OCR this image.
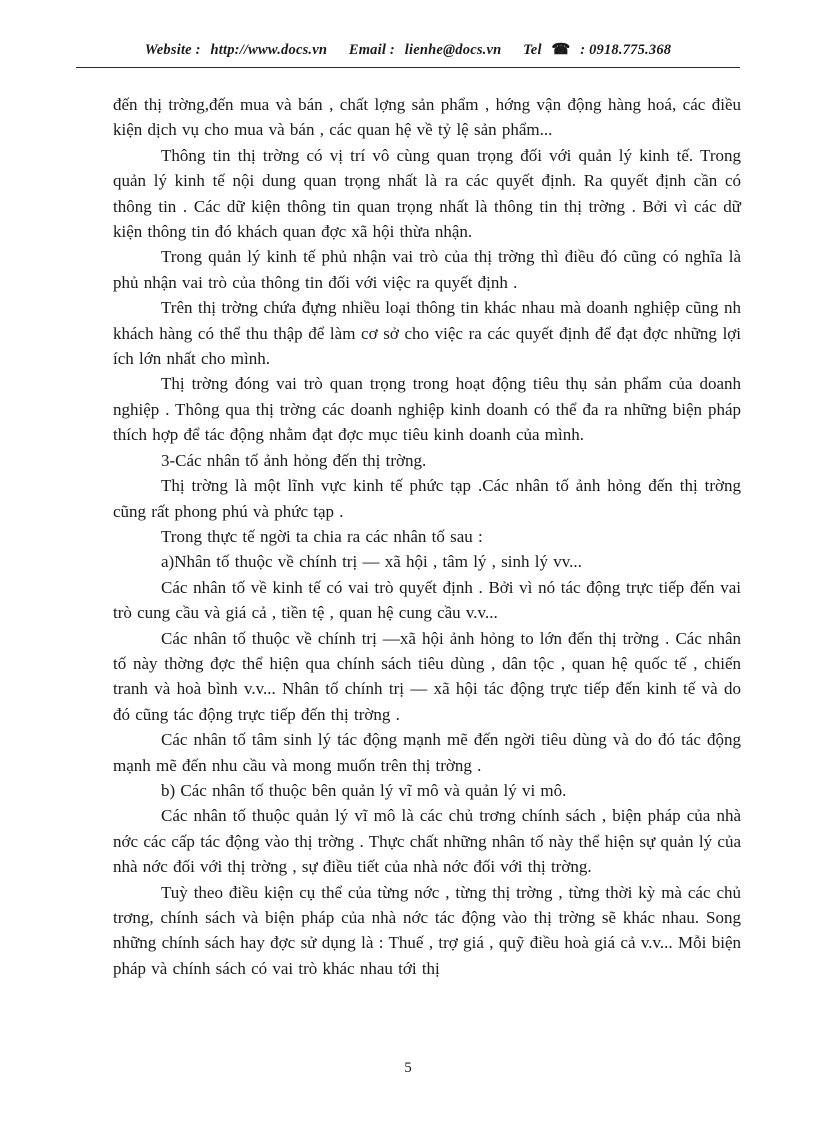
Website : http://www.docs.vn Email : lienhe@docs.vn Tel ☎ : 0918.775.368

đến thị trờng,đến mua và bán , chất lợng sản phẩm , hớng vận động hàng hoá, các điều kiện dịch vụ cho mua và bán , các quan hệ về tỷ lệ sản phẩm...

Thông tin thị trờng có vị trí vô cùng quan trọng đối với quản lý kinh tế. Trong quản lý kinh tế nội dung quan trọng nhất là ra các quyết định. Ra quyết định cần có thông tin . Các dữ kiện thông tin quan trọng nhất là thông tin thị trờng . Bởi vì các dữ kiện thông tin đó khách quan đợc xã hội thừa nhận.

Trong quản lý kinh tế phủ nhận vai trò của thị trờng thì điều đó cũng có nghĩa là phủ nhận vai trò của thông tin đối với việc ra quyết định .

Trên thị trờng chứa đựng nhiều loại thông tin khác nhau mà doanh nghiệp cũng nh khách hàng có thể thu thập để làm cơ sở cho việc ra các quyết định để đạt đợc những lợi ích lớn nhất cho mình.

Thị trờng đóng vai trò quan trọng trong hoạt động tiêu thụ sản phẩm của doanh nghiệp . Thông qua thị trờng các doanh nghiệp kinh doanh có thể đa ra những biện pháp thích hợp để tác động nhằm đạt đợc mục tiêu kinh doanh của mình.

3-Các nhân tố ảnh hỏng đến thị trờng.

Thị trờng là một lĩnh vực kinh tế phức tạp .Các nhân tố ảnh hỏng đến thị trờng cũng rất phong phú và phức tạp .

Trong thực tế ngời ta chia ra các nhân tố sau :

a)Nhân tố thuộc về chính trị — xã hội , tâm lý , sinh lý vv...

Các nhân tố về kinh tế có vai trò quyết định . Bởi vì nó tác động trực tiếp đến vai trò cung cầu và giá cả , tiền tệ , quan hệ cung cầu v.v...

Các nhân tố thuộc về chính trị —xã hội ảnh hỏng to lớn đến thị trờng . Các nhân tố này thờng đợc thể hiện qua chính sách tiêu dùng , dân tộc , quan hệ quốc tế , chiến tranh và hoà bình v.v... Nhân tố chính trị — xã hội tác động trực tiếp đến kinh tế và do đó cũng tác động trực tiếp đến thị trờng .

Các nhân tố tâm sinh lý tác động mạnh mẽ đến ngời tiêu dùng và do đó tác động mạnh mẽ đến nhu cầu và mong muốn trên thị trờng .

b) Các nhân tố thuộc bên quản lý vĩ mô và quản lý vi mô.

Các nhân tố thuộc quản lý vĩ mô là các chủ trơng chính sách , biện pháp của nhà nớc các cấp tác động vào thị trờng . Thực chất những nhân tố này thể hiện sự quản lý của nhà nớc đối với thị trờng , sự điều tiết của nhà nớc đối với thị trờng.

Tuỳ theo điều kiện cụ thể của từng nớc , từng thị trờng , từng thời kỳ mà các chủ trơng, chính sách và biện pháp của nhà nớc tác động vào thị trờng sẽ khác nhau. Song những chính sách hay đợc sử dụng là : Thuế , trợ giá , quỹ điều hoà giá cả v.v... Mỗi biện pháp và chính sách có vai trò khác nhau tới thị

5
